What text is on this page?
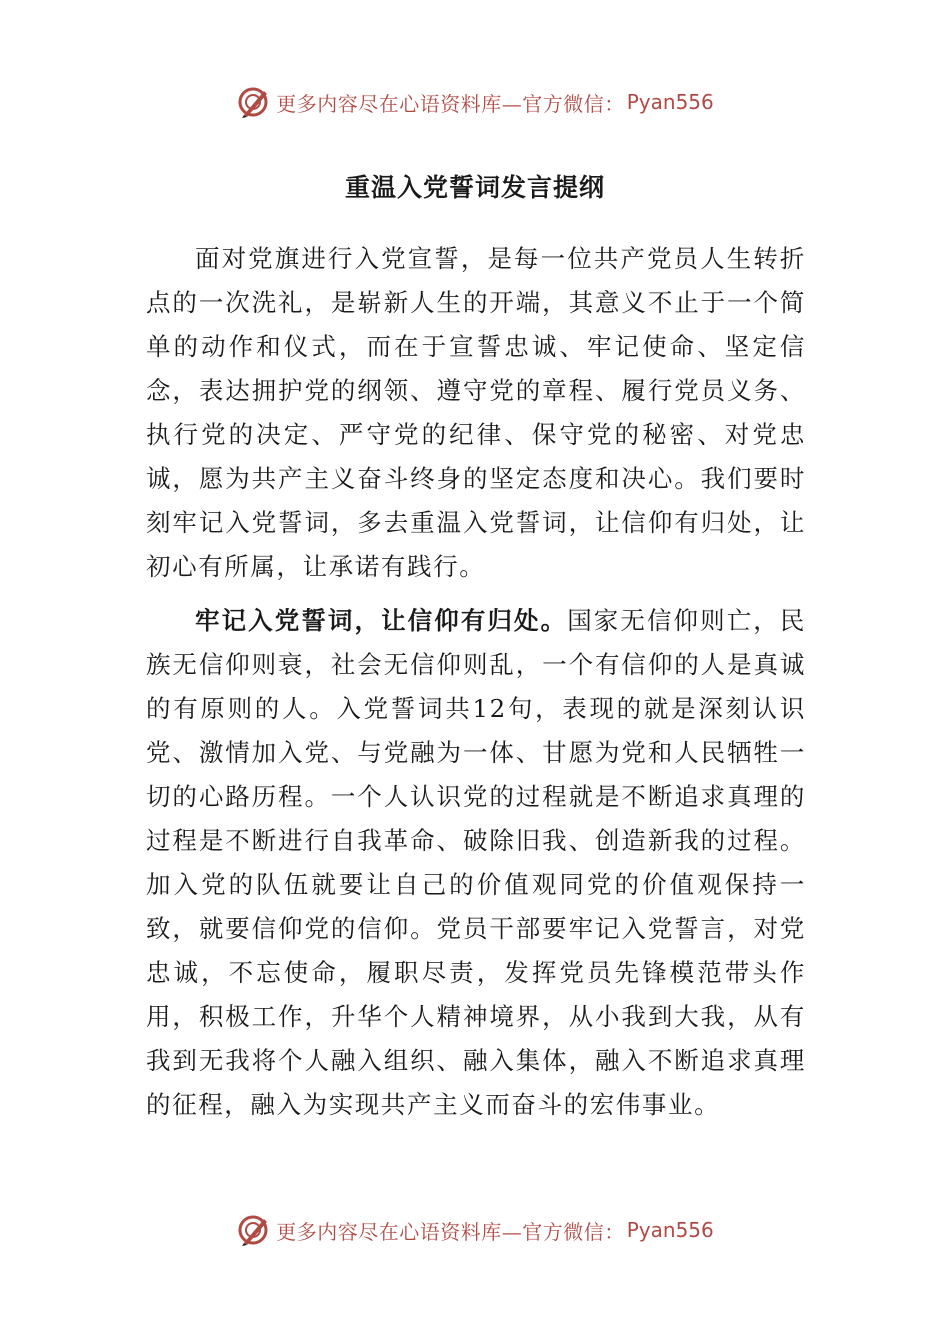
更多内容尽在心语资料库—官方微信： Pyan556
重温入党誓词发言提纲

面对党旗进行入党宣誓，是每一位共产党员人生转折点的一次洗礼，是崭新人生的开端，其意义不止于一个简单的动作和仪式，而在于宣誓忠诚、牢记使命、坚定信念，表达拥护党的纲领、遵守党的章程、履行党员义务、执行党的决定、严守党的纪律、保守党的秘密、对党忠诚，愿为共产主义奋斗终身的坚定态度和决心。我们要时刻牢记入党誓词，多去重温入党誓词，让信仰有归处，让初心有所属，让承诺有践行。

牢记入党誓词，让信仰有归处。国家无信仰则亡，民族无信仰则衰，社会无信仰则乱，一个有信仰的人是真诚的有原则的人。入党誓词共12句，表现的就是深刻认识党、激情加入党、与党融为一体、甘愿为党和人民牺牲一切的心路历程。一个人认识党的过程就是不断追求真理的过程是不断进行自我革命、破除旧我、创造新我的过程。加入党的队伍就要让自己的价值观同党的价值观保持一致，就要信仰党的信仰。党员干部要牢记入党誓言，对党忠诚，不忘使命，履职尽责，发挥党员先锋模范带头作用，积极工作，升华个人精神境界，从小我到大我，从有我到无我将个人融入组织、融入集体，融入不断追求真理的征程，融入为实现共产主义而奋斗的宏伟事业。

更多内容尽在心语资料库—官方微信： Pyan556
